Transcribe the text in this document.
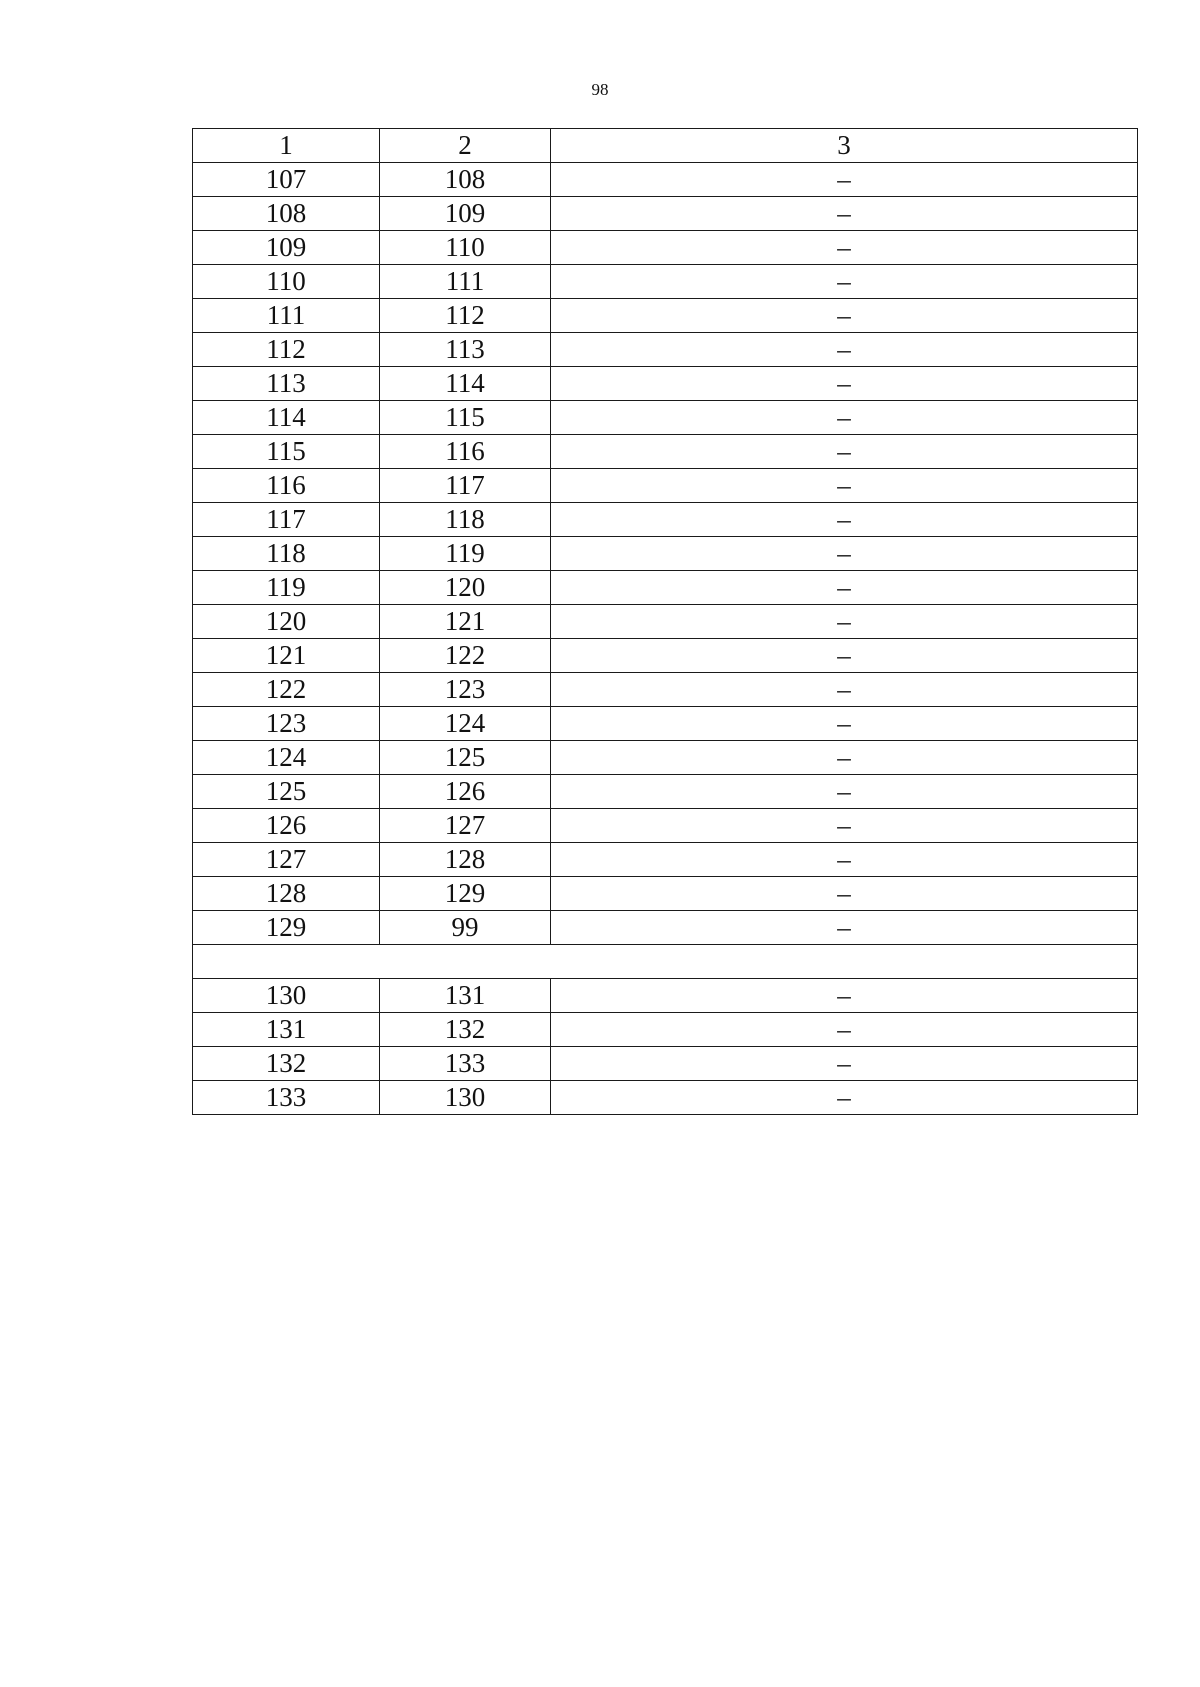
98
1	2	3
107	108	–
108	109	–
109	110	–
110	111	–
111	112	–
112	113	–
113	114	–
114	115	–
115	116	–
116	117	–
117	118	–
118	119	–
119	120	–
120	121	–
121	122	–
122	123	–
123	124	–
124	125	–
125	126	–
126	127	–
127	128	–
128	129	–
129	99	–

130	131	–
131	132	–
132	133	–
133	130	–
